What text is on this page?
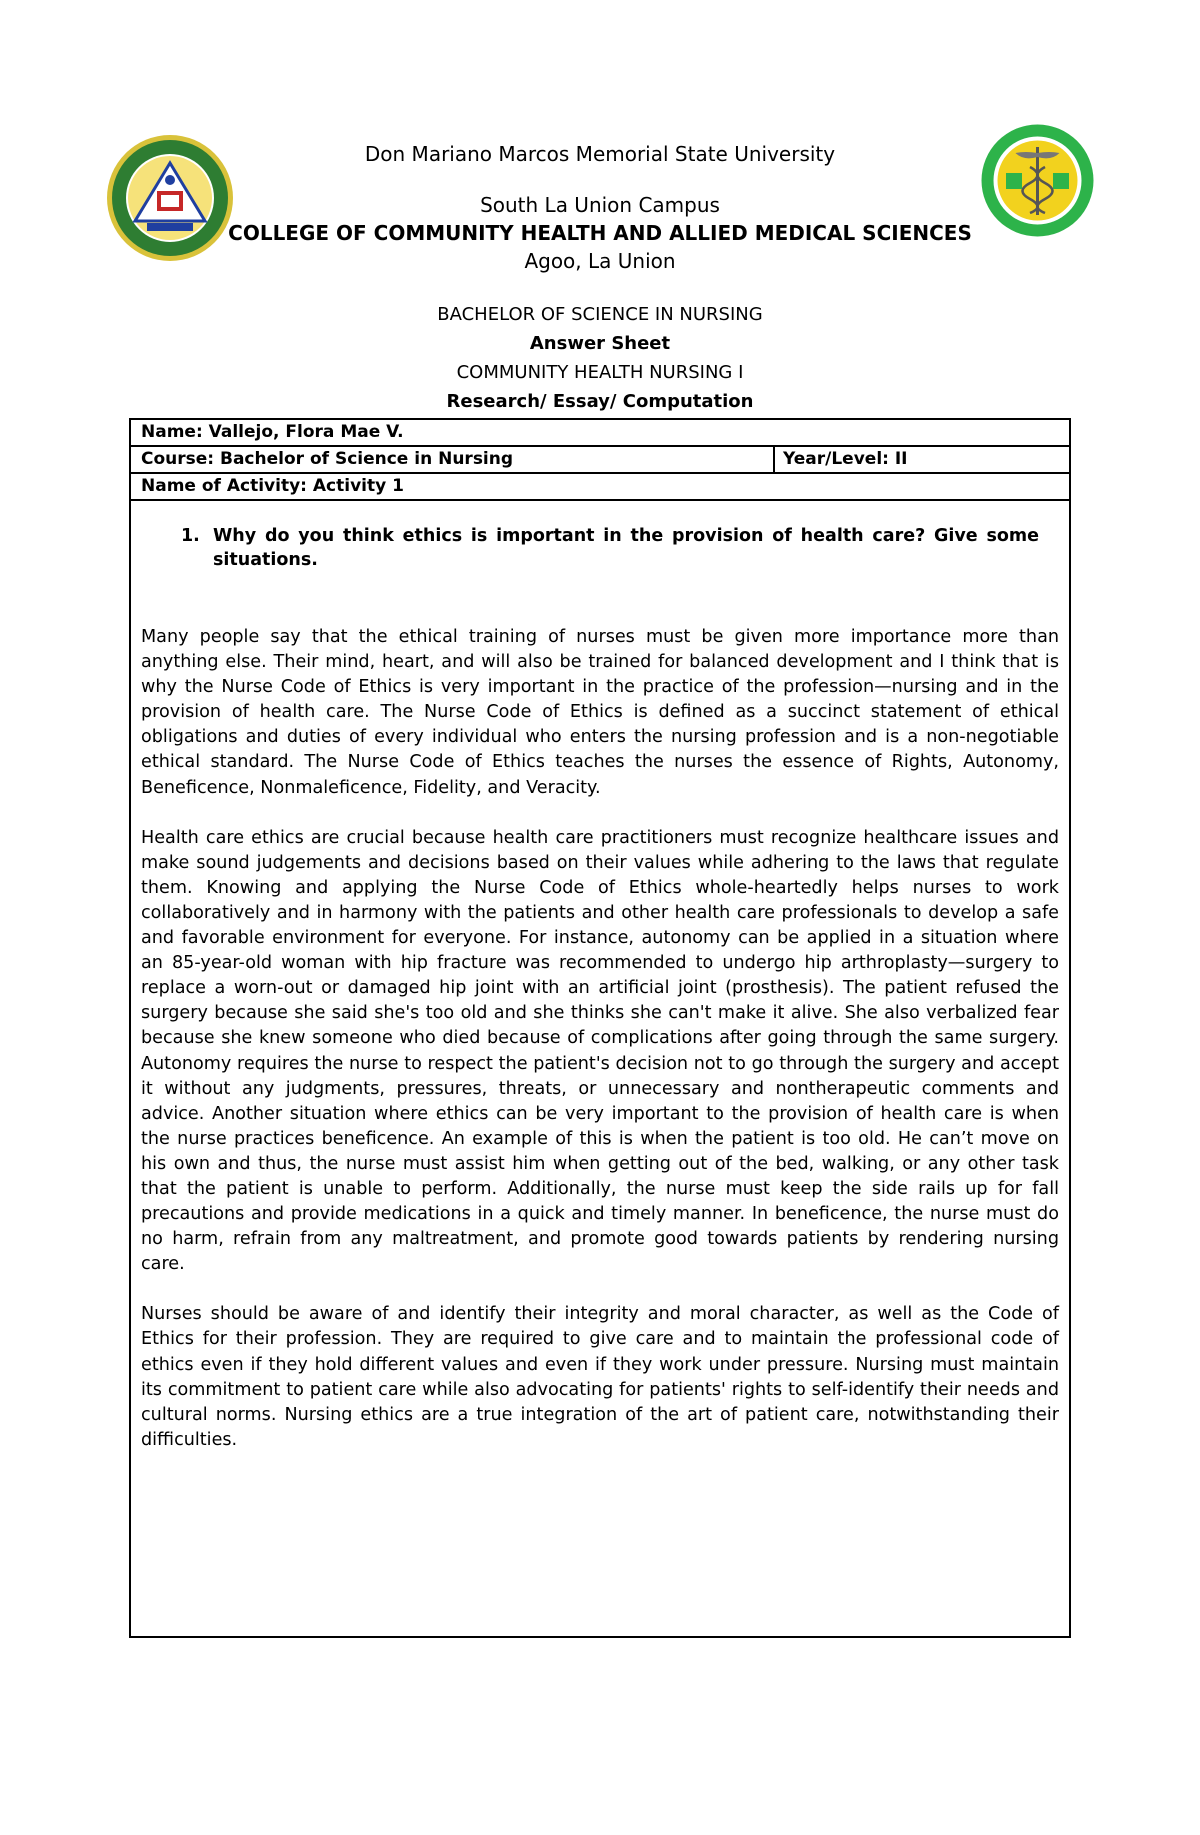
Don Mariano Marcos Memorial State University
South La Union Campus
COLLEGE OF COMMUNITY HEALTH AND ALLIED MEDICAL SCIENCES
Agoo, La Union
BACHELOR OF SCIENCE IN NURSING
Answer Sheet
COMMUNITY HEALTH NURSING I
Research/ Essay/ Computation
Name: Vallejo, Flora Mae V.
Course: Bachelor of Science in Nursing	Year/Level: II
Name of Activity: Activity 1
1. Why do you think ethics is important in the provision of health care? Give some situations.

Many people say that the ethical training of nurses must be given more importance more than anything else. Their mind, heart, and will also be trained for balanced development and I think that is why the Nurse Code of Ethics is very important in the practice of the profession—nursing and in the provision of health care. The Nurse Code of Ethics is defined as a succinct statement of ethical obligations and duties of every individual who enters the nursing profession and is a non-negotiable ethical standard. The Nurse Code of Ethics teaches the nurses the essence of Rights, Autonomy, Beneficence, Nonmaleficence, Fidelity, and Veracity.

Health care ethics are crucial because health care practitioners must recognize healthcare issues and make sound judgements and decisions based on their values while adhering to the laws that regulate them. Knowing and applying the Nurse Code of Ethics whole-heartedly helps nurses to work collaboratively and in harmony with the patients and other health care professionals to develop a safe and favorable environment for everyone. For instance, autonomy can be applied in a situation where an 85-year-old woman with hip fracture was recommended to undergo hip arthroplasty—surgery to replace a worn-out or damaged hip joint with an artificial joint (prosthesis). The patient refused the surgery because she said she's too old and she thinks she can't make it alive. She also verbalized fear because she knew someone who died because of complications after going through the same surgery. Autonomy requires the nurse to respect the patient's decision not to go through the surgery and accept it without any judgments, pressures, threats, or unnecessary and nontherapeutic comments and advice. Another situation where ethics can be very important to the provision of health care is when the nurse practices beneficence. An example of this is when the patient is too old. He can’t move on his own and thus, the nurse must assist him when getting out of the bed, walking, or any other task that the patient is unable to perform. Additionally, the nurse must keep the side rails up for fall precautions and provide medications in a quick and timely manner. In beneficence, the nurse must do no harm, refrain from any maltreatment, and promote good towards patients by rendering nursing care.

Nurses should be aware of and identify their integrity and moral character, as well as the Code of Ethics for their profession. They are required to give care and to maintain the professional code of ethics even if they hold different values and even if they work under pressure. Nursing must maintain its commitment to patient care while also advocating for patients' rights to self-identify their needs and cultural norms. Nursing ethics are a true integration of the art of patient care, notwithstanding their difficulties.
